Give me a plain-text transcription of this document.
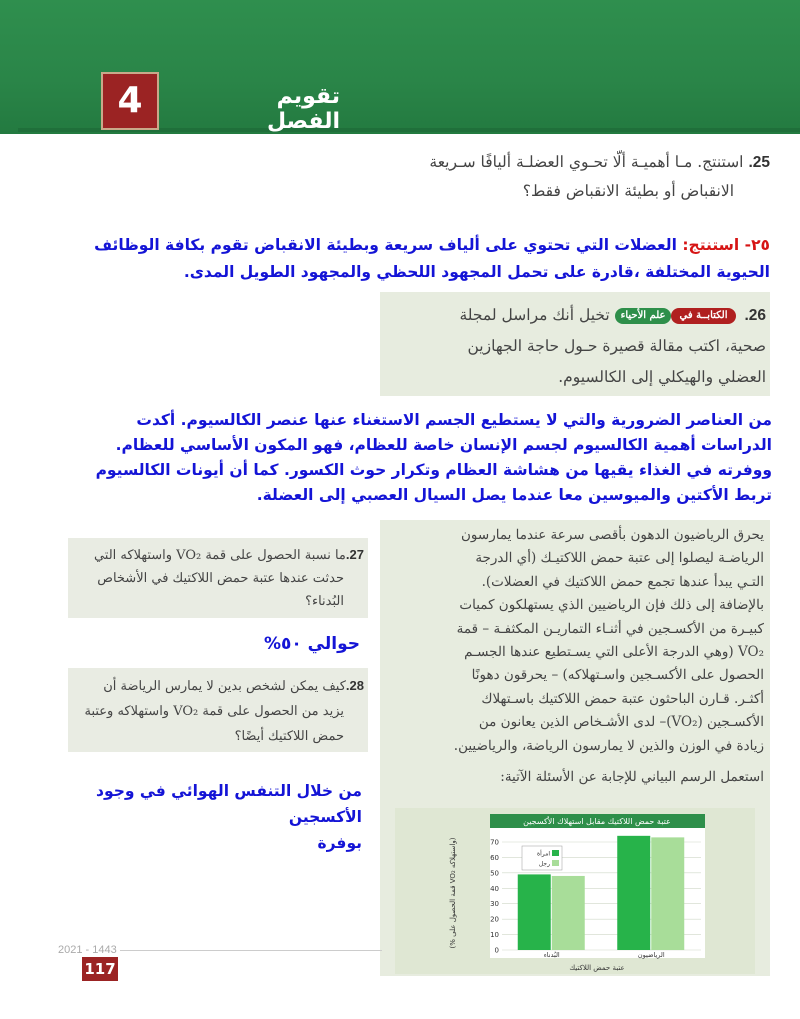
4	تقويم الفصل
25. استنتج. مـا أهميـة ألّا تحـوي العضلـة أليافًا سـريعة
الانقباض أو بطيئة الانقباض فقط؟
٢٥- استنتج: العضلات التي تحتوي على ألياف سريعة وبطيئة الانقباض تقوم بكافة الوظائف
الحيوية المختلفة ،قادرة على تحمل المجهود اللحظي والمجهود الطويل المدى.
26. الكتابــة فيعلم الأحياء تخيل أنك مراسل لمجلة
صحية، اكتب مقالة قصيرة حـول حاجة الجهازين
العضلي والهيكلي إلى الكالسيوم.
من العناصر الضرورية والتي لا يستطيع الجسم الاستغناء عنها عنصر الكالسيوم. أكدت
الدراسات أهمية الكالسيوم لجسم الإنسان خاصة للعظام، فهو المكون الأساسي للعظام.
ووفرته في الغذاء يقيها من هشاشة العظام وتكرار حوث الكسور. كما أن أيونات الكالسيوم
تربط الأكتين والميوسين معا عندما يصل السيال العصبي إلى العضلة.
يحرق الرياضيون الدهون بأقصى سرعة عندما يمارسون
الرياضـة ليصلوا إلى عتبة حمض اللاكتيـك (أي الدرجة
التـي يبدأ عندها تجمع حمض اللاكتيك في العضلات).
بالإضافة إلى ذلك فإن الرياضيين الذي يستهلكون كميات
كبيـرة من الأكسـجين في أثنـاء التماريـن المكثفـة – قمة
VO₂ (وهي الدرجة الأعلى التي يسـتطيع عندها الجسـم
الحصول على الأكسـجين واسـتهلاكه) – يحرقون دهونًا
أكثـر. قـارن الباحثون عتبة حمض اللاكتيك باسـتهلاك
الأكسـجين (VO₂)– لدى الأشـخاص الذين يعانون من
زيادة في الوزن والذين لا يمارسون الرياضة، والرياضيين.
استعمل الرسم البياني للإجابة عن الأسئلة الآتية:
عتبة حمض اللاكتيك مقابل استهلاك الأكسجين
0
10
20
30
40
50
60
70
البُدناء	الرياضيون
امرأة
رجل
(% قمة الحصول على VO₂ واستهلاكه)
عتبة حمض اللاكتيك
27.ما نسبة الحصول على قمة VO₂ واستهلاكه التي
حدثت عندها عتبة حمض اللاكتيك في الأشخاص
البُدناء؟
حوالي ٥٠%
28.كيف يمكن لشخص بدين لا يمارس الرياضة أن
يزيد من الحصول على قمة VO₂ واستهلاكه وعتبة
حمض اللاكتيك أيضًا؟
من خلال التنفس الهوائي في وجود الأكسجين
بوفرة
2021 - 1443
117
